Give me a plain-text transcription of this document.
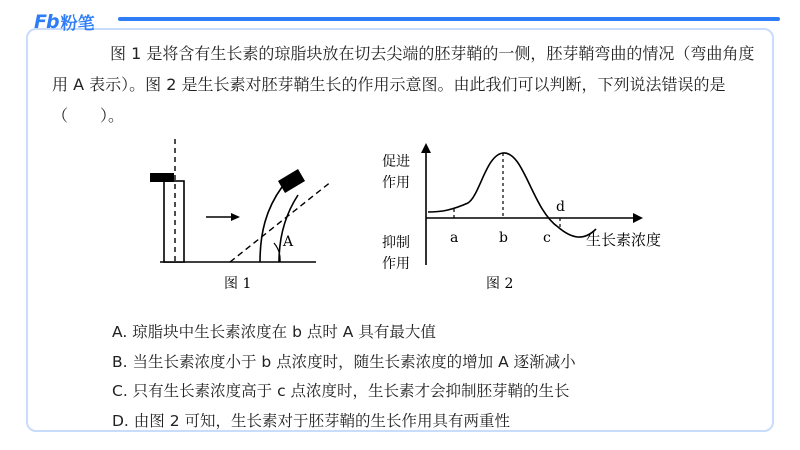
Fb 粉笔
图 1 是将含有生长素的琼脂块放在切去尖端的胚芽鞘的一侧，胚芽鞘弯曲的情况（弯曲角度用 A 表示）。图 2 是生长素对胚芽鞘生长的作用示意图。由此我们可以判断，下列说法错误的是（　　）。
A
图 1
促进
作用
抑制
作用
a	b	c
d
生长素浓度
图 2
A. 琼脂块中生长素浓度在 b 点时 A 具有最大值
B. 当生长素浓度小于 b 点浓度时，随生长素浓度的增加 A 逐渐减小
C. 只有生长素浓度高于 c 点浓度时，生长素才会抑制胚芽鞘的生长
D. 由图 2 可知，生长素对于胚芽鞘的生长作用具有两重性
